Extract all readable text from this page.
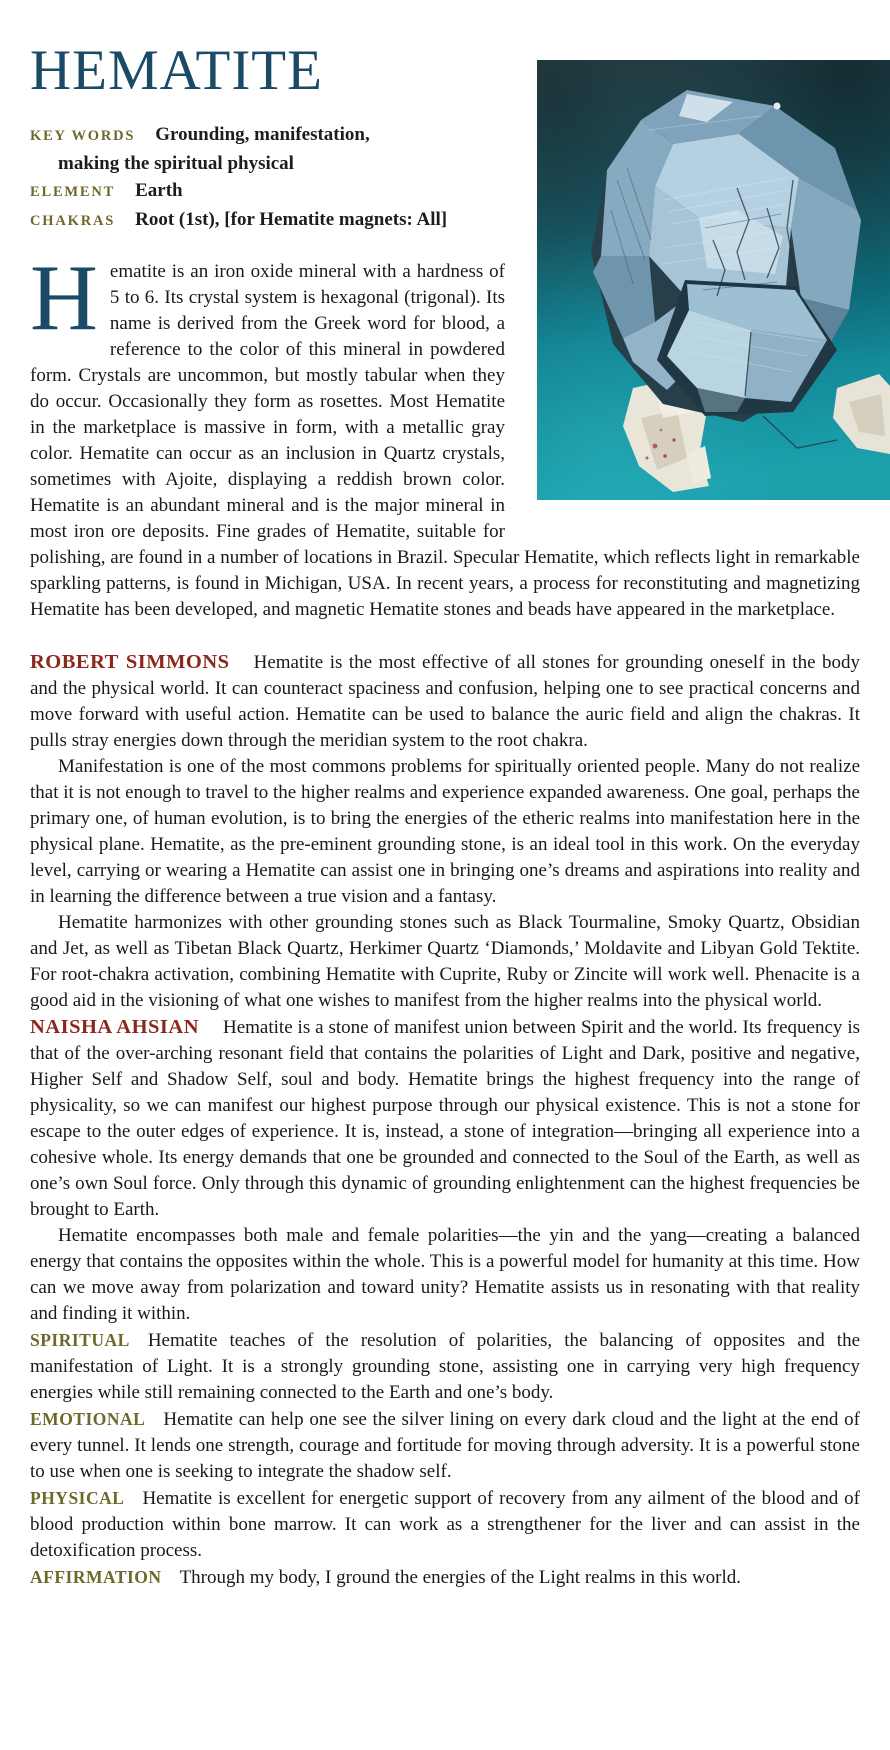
HEMATITE

KEY WORDS Grounding, manifestation,
making the spiritual physical

ELEMENT Earth

CHAKRAS Root (1st), [for Hematite magnets: All]

Hematite is an iron oxide mineral with a hardness of 5 to 6. Its crystal system is hexagonal (trigonal). Its name is derived from the Greek word for blood, a reference to the color of this mineral in powdered form. Crystals are uncommon, but mostly tabular when they do occur. Occasionally they form as rosettes. Most Hematite in the marketplace is massive in form, with a metallic gray color. Hematite can occur as an inclusion in Quartz crystals, sometimes with Ajoite, displaying a reddish brown color. Hematite is an abundant mineral and is the major mineral in most iron ore deposits. Fine grades of Hematite, suitable for polishing, are found in a number of locations in Brazil. Specular Hematite, which reflects light in remarkable sparkling patterns, is found in Michigan, USA. In recent years, a process for reconstituting and magnetizing Hematite has been developed, and magnetic Hematite stones and beads have appeared in the marketplace.

ROBERT SIMMONS Hematite is the most effective of all stones for grounding oneself in the body and the physical world. It can counteract spaciness and confusion, helping one to see practical concerns and move forward with useful action. Hematite can be used to balance the auric field and align the chakras. It pulls stray energies down through the meridian system to the root chakra.

Manifestation is one of the most commons problems for spiritually oriented people. Many do not realize that it is not enough to travel to the higher realms and experience expanded awareness. One goal, perhaps the primary one, of human evolution, is to bring the energies of the etheric realms into manifestation here in the physical plane. Hematite, as the pre-eminent grounding stone, is an ideal tool in this work. On the everyday level, carrying or wearing a Hematite can assist one in bringing one’s dreams and aspirations into reality and in learning the difference between a true vision and a fantasy.

Hematite harmonizes with other grounding stones such as Black Tourmaline, Smoky Quartz, Obsidian and Jet, as well as Tibetan Black Quartz, Herkimer Quartz ‘Diamonds,’ Moldavite and Libyan Gold Tektite. For root-chakra activation, combining Hematite with Cuprite, Ruby or Zincite will work well. Phenacite is a good aid in the visioning of what one wishes to manifest from the higher realms into the physical world.

NAISHA AHSIAN Hematite is a stone of manifest union between Spirit and the world. Its frequency is that of the over-arching resonant field that contains the polarities of Light and Dark, positive and negative, Higher Self and Shadow Self, soul and body. Hematite brings the highest frequency into the range of physicality, so we can manifest our highest purpose through our physical existence. This is not a stone for escape to the outer edges of experience. It is, instead, a stone of integration—bringing all experience into a cohesive whole. Its energy demands that one be grounded and connected to the Soul of the Earth, as well as one’s own Soul force. Only through this dynamic of grounding enlightenment can the highest frequencies be brought to Earth.

Hematite encompasses both male and female polarities—the yin and the yang—creating a balanced energy that contains the opposites within the whole. This is a powerful model for humanity at this time. How can we move away from polarization and toward unity? Hematite assists us in resonating with that reality and finding it within.

SPIRITUAL Hematite teaches of the resolution of polarities, the balancing of opposites and the manifestation of Light. It is a strongly grounding stone, assisting one in carrying very high frequency energies while still remaining connected to the Earth and one’s body.

EMOTIONAL Hematite can help one see the silver lining on every dark cloud and the light at the end of every tunnel. It lends one strength, courage and fortitude for moving through adversity. It is a powerful stone to use when one is seeking to integrate the shadow self.

PHYSICAL Hematite is excellent for energetic support of recovery from any ailment of the blood and of blood production within bone marrow. It can work as a strengthener for the liver and can assist in the detoxification process.

AFFIRMATION Through my body, I ground the energies of the Light realms in this world.
